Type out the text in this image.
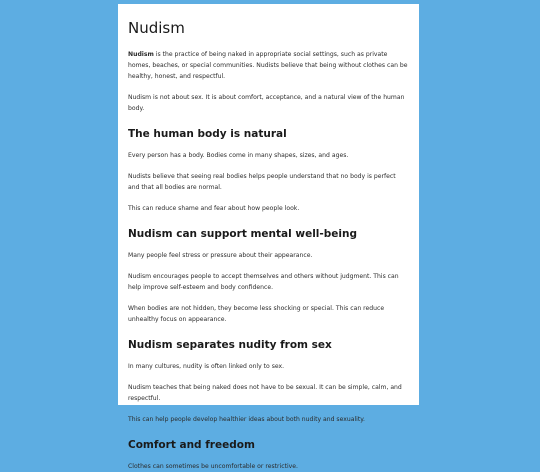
Nudism

Nudism is the practice of being naked in appropriate social settings, such as private homes, beaches, or special communities. Nudists believe that being without clothes can be healthy, honest, and respectful.

Nudism is not about sex. It is about comfort, acceptance, and a natural view of the human body.

The human body is natural

Every person has a body. Bodies come in many shapes, sizes, and ages.

Nudists believe that seeing real bodies helps people understand that no body is perfect and that all bodies are normal.

This can reduce shame and fear about how people look.

Nudism can support mental well-being

Many people feel stress or pressure about their appearance.

Nudism encourages people to accept themselves and others without judgment. This can help improve self-esteem and body confidence.

When bodies are not hidden, they become less shocking or special. This can reduce unhealthy focus on appearance.

Nudism separates nudity from sex

In many cultures, nudity is often linked only to sex.

Nudism teaches that being naked does not have to be sexual. It can be simple, calm, and respectful.

This can help people develop healthier ideas about both nudity and sexuality.

Comfort and freedom

Clothes can sometimes be uncomfortable or restrictive.
